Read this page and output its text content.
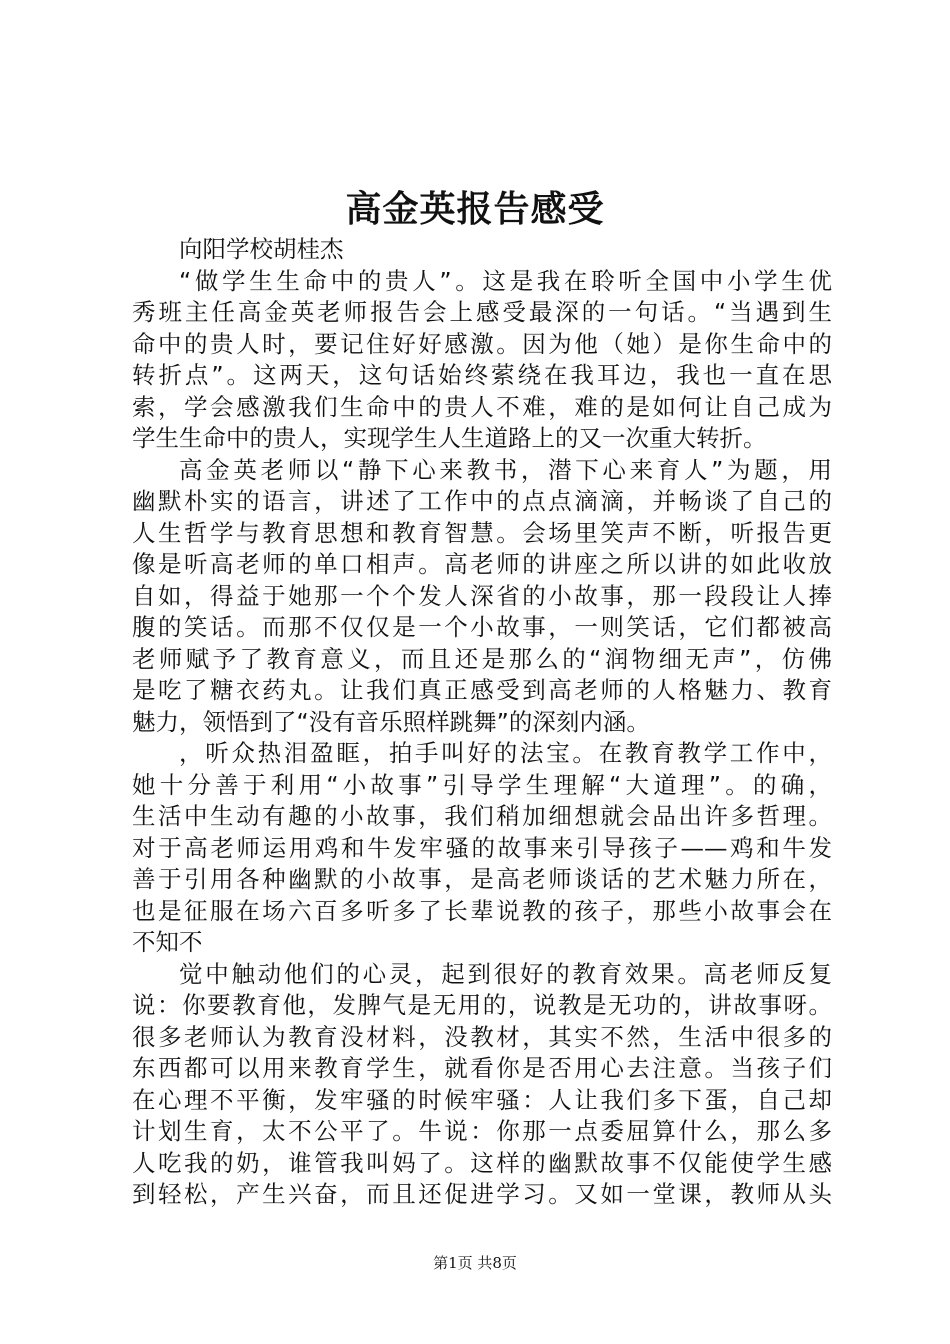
高金英报告感受
向阳学校胡桂杰
“做学生生命中的贵人”。这是我在聆听全国中小学生优
秀班主任高金英老师报告会上感受最深的一句话。“当遇到生
命中的贵人时，要记住好好感激。因为他（她）是你生命中的
转折点”。这两天，这句话始终萦绕在我耳边，我也一直在思
索，学会感激我们生命中的贵人不难，难的是如何让自己成为
学生生命中的贵人，实现学生人生道路上的又一次重大转折。
高金英老师以“静下心来教书，潜下心来育人”为题，用
幽默朴实的语言，讲述了工作中的点点滴滴，并畅谈了自己的
人生哲学与教育思想和教育智慧。会场里笑声不断，听报告更
像是听高老师的单口相声。高老师的讲座之所以讲的如此收放
自如，得益于她那一个个发人深省的小故事，那一段段让人捧
腹的笑话。而那不仅仅是一个小故事，一则笑话，它们都被高
老师赋予了教育意义，而且还是那么的“润物细无声”，仿佛
是吃了糖衣药丸。让我们真正感受到高老师的人格魅力、教育
魅力，领悟到了“没有音乐照样跳舞”的深刻内涵。
，听众热泪盈眶，拍手叫好的法宝。在教育教学工作中，
她十分善于利用“小故事”引导学生理解“大道理”。的确，
生活中生动有趣的小故事，我们稍加细想就会品出许多哲理。
对于高老师运用鸡和牛发牢骚的故事来引导孩子——鸡和牛发
善于引用各种幽默的小故事，是高老师谈话的艺术魅力所在，
也是征服在场六百多听多了长辈说教的孩子，那些小故事会在
不知不
觉中触动他们的心灵，起到很好的教育效果。高老师反复
说：你要教育他，发脾气是无用的，说教是无功的，讲故事呀。
很多老师认为教育没材料，没教材，其实不然，生活中很多的
东西都可以用来教育学生，就看你是否用心去注意。当孩子们
在心理不平衡，发牢骚的时候牢骚：人让我们多下蛋，自己却
计划生育，太不公平了。牛说：你那一点委屈算什么，那么多
人吃我的奶，谁管我叫妈了。这样的幽默故事不仅能使学生感
到轻松，产生兴奋，而且还促进学习。又如一堂课，教师从头
第1页 共8页
